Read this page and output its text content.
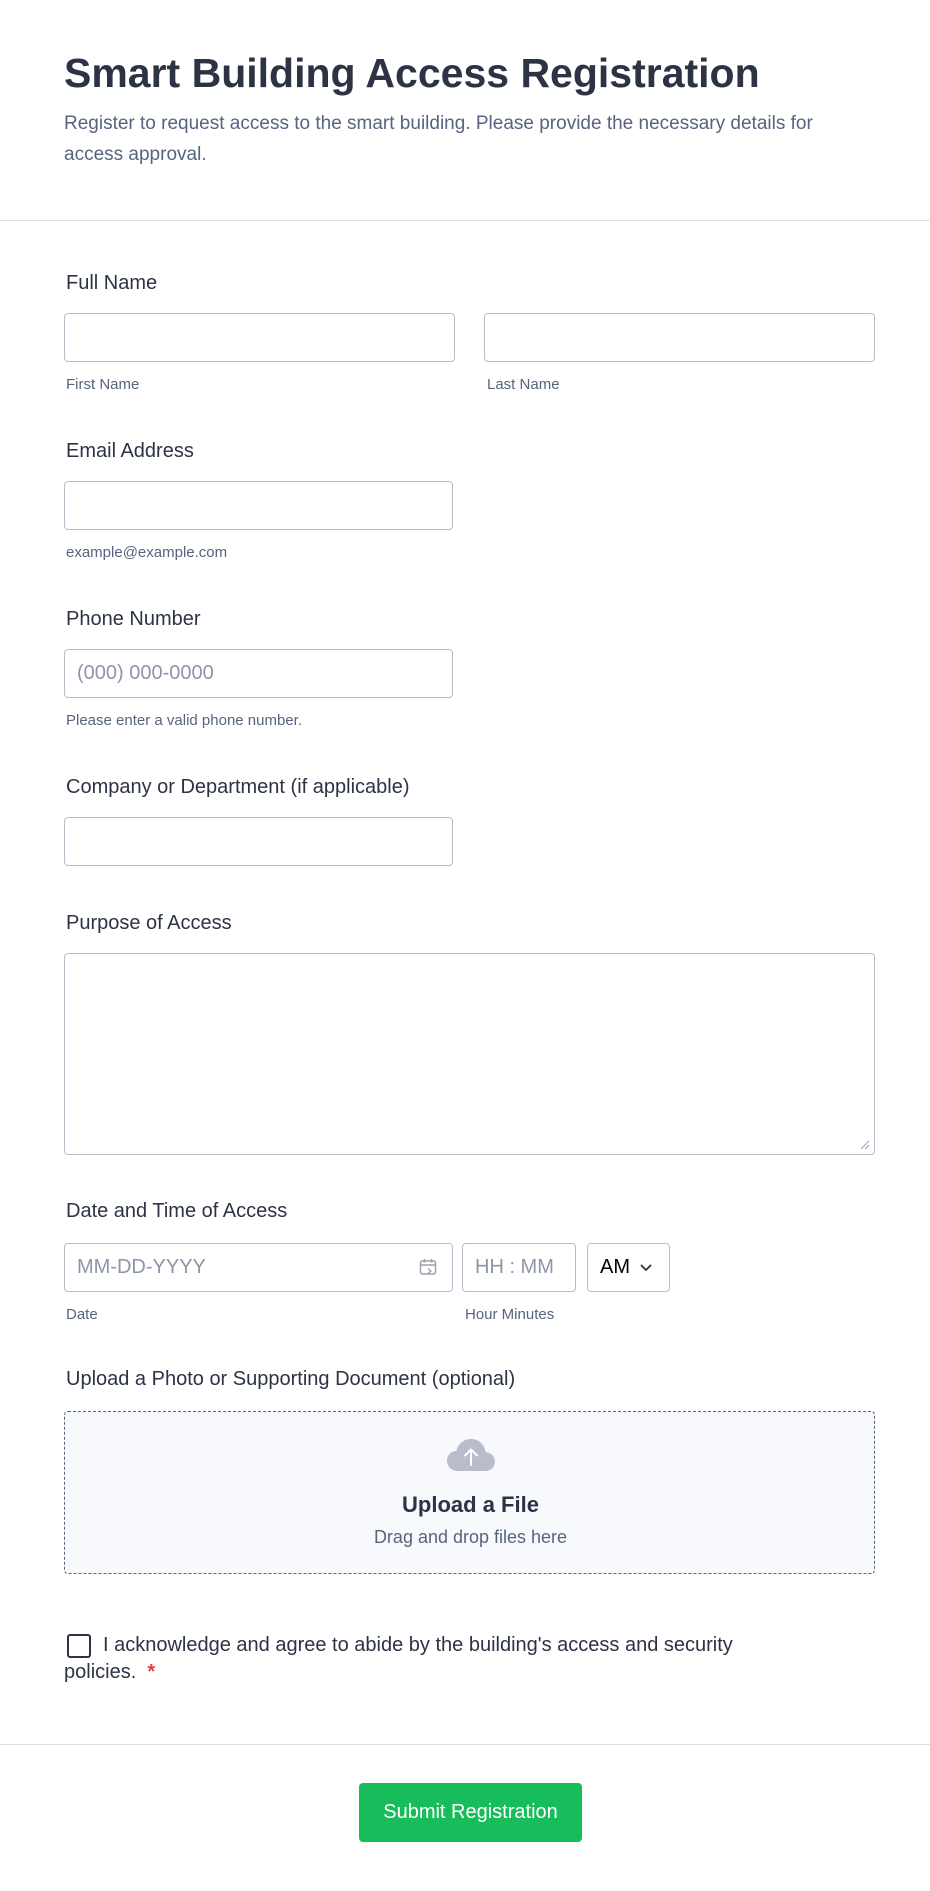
Smart Building Access Registration
Register to request access to the smart building. Please provide the necessary details for access approval.
Full Name
First Name	Last Name
Email Address
example@example.com
Phone Number
(000) 000-0000
Please enter a valid phone number.
Company or Department (if applicable)
Purpose of Access
Date and Time of Access
MM-DD-YYYY
Date
HH : MM	Hour Minutes
AM
Upload a Photo or Supporting Document (optional)
Upload a File
Drag and drop files here
I acknowledge and agree to abide by the building's access and security policies. *
Submit Registration
